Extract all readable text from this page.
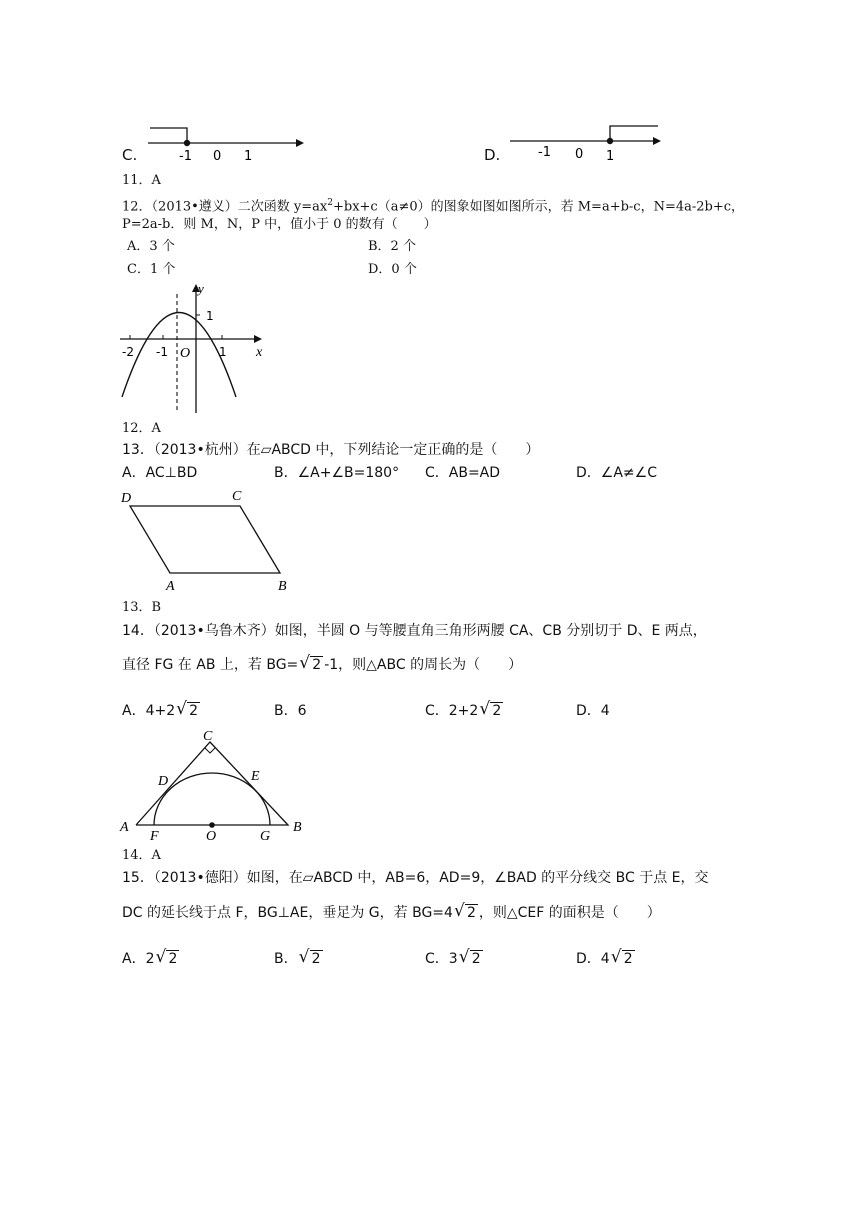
C.	-1 0 1	D.	-1 0 1
11．A
12．（2013•遵义）二次函数 $y=ax^2+bx+c(a\ne 0)$的图象如图如图所示，若 M=a+b-c，N=4a-2b+c，
P=2a-b．则 M，N，P 中，值小于 0 的数有（　　）
A．3 个	B．2 个
C．1 个	D．0 个
y
1
-2 -1 O 1 x
12．A
13．（2013•杭州）在▱ABCD 中，下列结论一定正确的是（　　）
A．AC⊥BD	B．∠A+∠B=180° C．AB=AD	D．∠A≠∠C
D	C
A	B
13．B
14．（2013•乌鲁木齐）如图，半圆 O 与等腰直角三角形两腰 CA、CB 分别切于 D、E 两点，
直径 FG 在 AB 上，若 BG= √ 2 -1，则△ABC 的周长为（　　）
A．4+2 √ 2	B．6	C．2+2 √ 2	D．4
C
D	E
A
F	O	G
B
14．A
15．（2013•德阳）如图，在▱ABCD 中，AB=6，AD=9，∠BAD 的平分线交 BC 于点 E，交
DC 的延长线于点 F，BG⊥AE，垂足为 G，若 BG=4 √ 2 ，则△CEF 的面积是（　　）
A．2 √ 2	B． √ 2	C．3 √ 2	D．4 √ 2
